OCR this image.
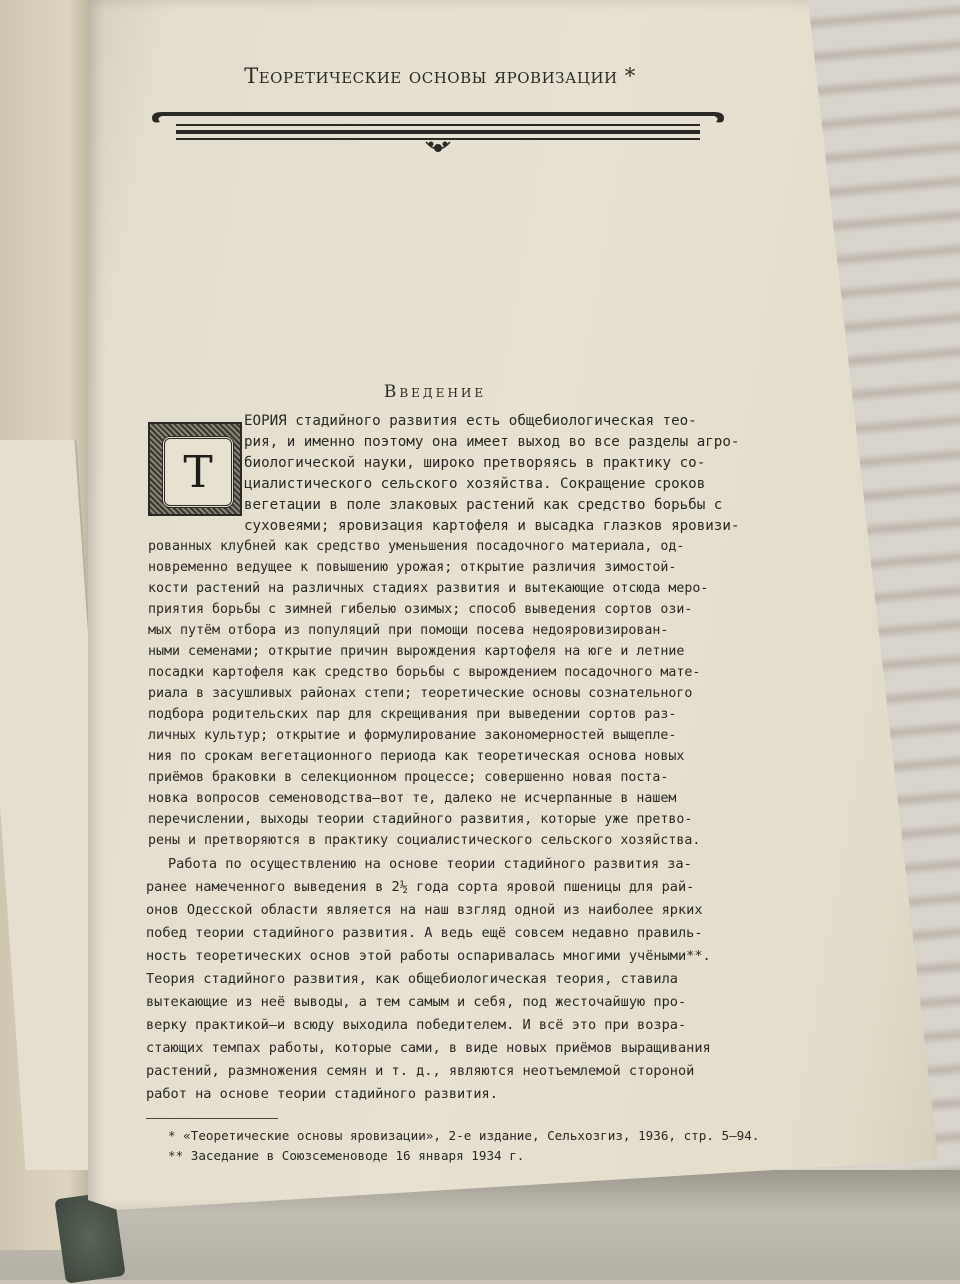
Теоретические основы яровизации *
Введение
Т
ЕОРИЯ стадийного развития есть общебиологическая тео-
рия, и именно поэтому она имеет выход во все разделы агро-
биологической науки, широко претворяясь в практику со-
циалистического сельского хозяйства. Сокращение сроков
вегетации в поле злаковых растений как средство борьбы с
суховеями; яровизация картофеля и высадка глазков яровизи-
рованных клубней как средство уменьшения посадочного материала, од-
новременно ведущее к повышению урожая; открытие различия зимостой-
кости растений на различных стадиях развития и вытекающие отсюда меро-
приятия борьбы с зимней гибелью озимых; способ выведения сортов ози-
мых путём отбора из популяций при помощи посева недояровизирован-
ными семенами; открытие причин вырождения картофеля на юге и летние
посадки картофеля как средство борьбы с вырождением посадочного мате-
риала в засушливых районах степи; теоретические основы сознательного
подбора родительских пар для скрещивания при выведении сортов раз-
личных культур; открытие и формулирование закономерностей выщепле-
ния по срокам вегетационного периода как теоретическая основа новых
приёмов браковки в селекционном процессе; совершенно новая поста-
новка вопросов семеноводства—вот те, далеко не исчерпанные в нашем
перечислении, выходы теории стадийного развития, которые уже претво-
рены и претворяются в практику социалистического сельского хозяйства.
Работа по осуществлению на основе теории стадийного развития за-
ранее намеченного выведения в 2½ года сорта яровой пшеницы для рай-
онов Одесской области является на наш взгляд одной из наиболее ярких
побед теории стадийного развития. А ведь ещё совсем недавно правиль-
ность теоретических основ этой работы оспаривалась многими учёными**.
Теория стадийного развития, как общебиологическая теория, ставила
вытекающие из неё выводы, а тем самым и себя, под жесточайшую про-
верку практикой—и всюду выходила победителем. И всё это при возра-
стающих темпах работы, которые сами, в виде новых приёмов выращивания
растений, размножения семян и т. д., являются неотъемлемой стороной
работ на основе теории стадийного развития.
* «Теоретические основы яровизации», 2-е издание, Сельхозгиз, 1936, стр. 5—94.
** Заседание в Союзсеменоводе 16 января 1934 г.
